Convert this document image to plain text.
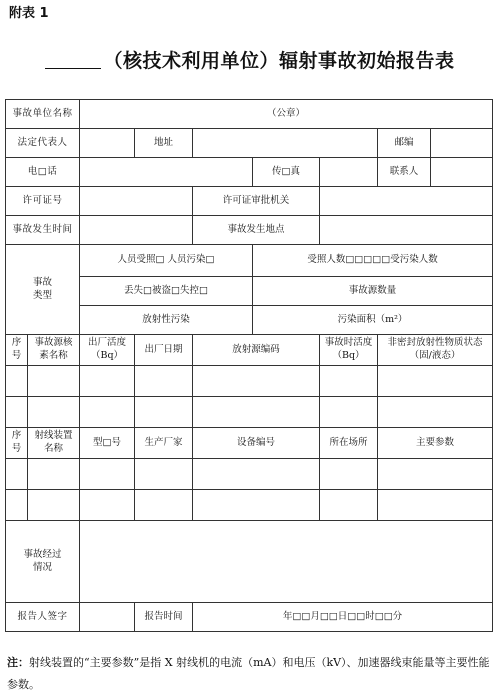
附表 1
（核技术利用单位）辐射事故初始报告表
事故单位名称		（公章）						
法定代表人			地址				邮编	
电□话					传□真		联系人	
许可证号				许可证审批机关				
事故发生时间				事故发生地点				
事故
类型		人员受照□ 人员污染□			受照人数□□□□□受污染人数			
		丢失□被盗□失控□			事故源数量			
		放射性污染			污染面积（m²）			
序号	事故源核素名称	出厂活度（Bq）	出厂日期	放射源编码		事故时活度（Bq）	非密封放射性物质状态（固/液态）	

序号	射线装置名称	型□号	生产厂家	设备编号		所在场所	主要参数	

事故经过
情况								
报告人签字			报告时间	年□□月□□日□□时□□分				
注：射线装置的“主要参数”是指 X 射线机的电流（mA）和电压（kV）、加速器线束能量等主要性能参数。
